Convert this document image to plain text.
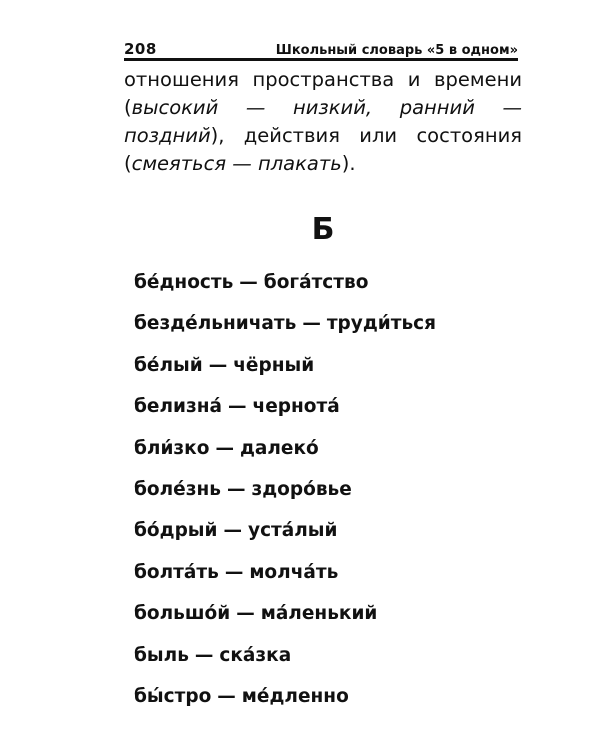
208	Школьный словарь «5 в одном»
отношения пространства и времени (высокий — низкий, ранний — поздний), действия или состояния (смеяться — плакать).
Б
бе́дность — бога́тство
безде́льничать — труди́ться
бе́лый — чёрный
белизна́ — чернота́
бли́зко — далеко́
боле́знь — здоро́вье
бо́дрый — уста́лый
болта́ть — молча́ть
большо́й — ма́ленький
быль — ска́зка
бы́стро — ме́дленно
